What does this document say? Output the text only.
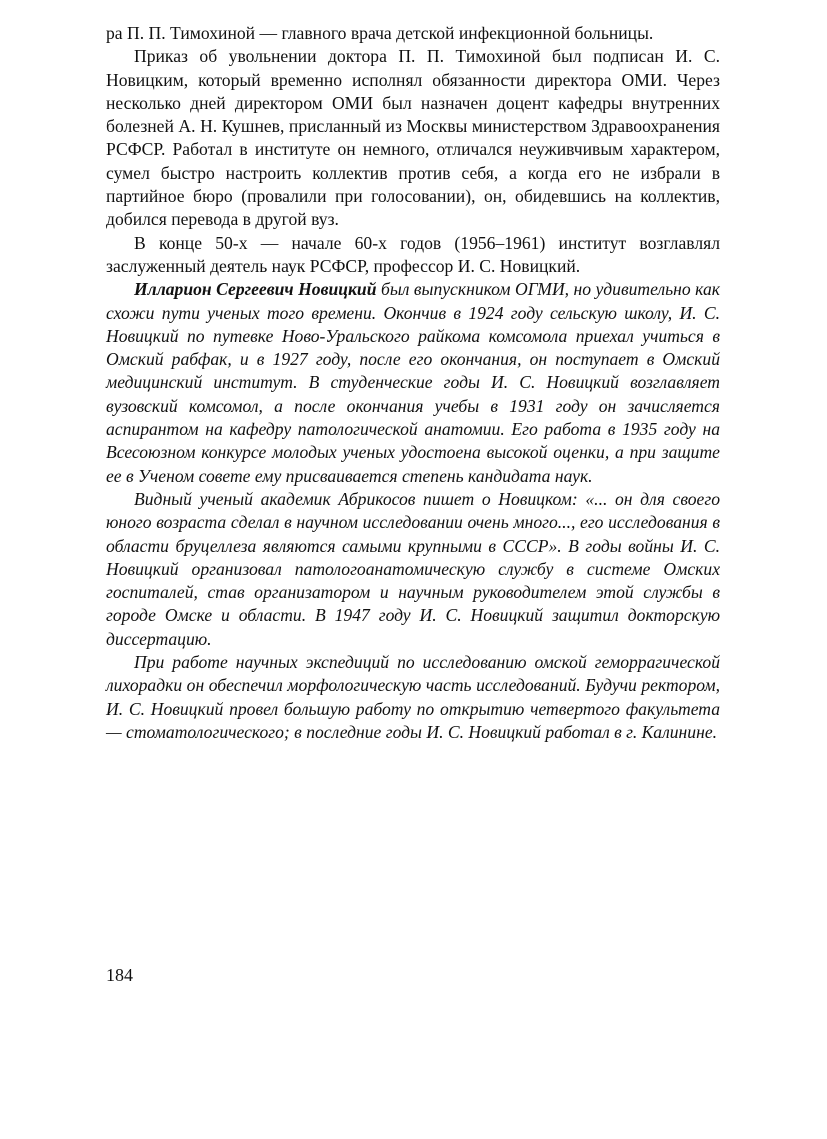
ра П. П. Тимохиной — главного врача детской инфекционной больницы.

Приказ об увольнении доктора П. П. Тимохиной был подписан И. С. Новицким, который временно исполнял обязанности директора ОМИ. Через несколько дней директором ОМИ был назначен доцент кафедры внутренних болезней А. Н. Кушнев, присланный из Москвы министерством Здравоохранения РСФСР. Работал в институте он немного, отличался неуживчивым характером, сумел быстро настроить коллектив против себя, а когда его не избрали в партийное бюро (провалили при голосовании), он, обидевшись на коллектив, добился перевода в другой вуз.

В конце 50-х — начале 60-х годов (1956–1961) институт возглавлял заслуженный деятель наук РСФСР, профессор И. С. Новицкий.

Илларион Сергеевич Новицкий был выпускником ОГМИ, но удивительно как схожи пути ученых того времени. Окончив в 1924 году сельскую школу, И. С. Новицкий по путевке Ново-Уральского райкома комсомола приехал учиться в Омский рабфак, и в 1927 году, после его окончания, он поступает в Омский медицинский институт. В студенческие годы И. С. Новицкий возглавляет вузовский комсомол, а после окончания учебы в 1931 году он зачисляется аспирантом на кафедру патологической анатомии. Его работа в 1935 году на Всесоюзном конкурсе молодых ученых удостоена высокой оценки, а при защите ее в Ученом совете ему присваивается степень кандидата наук.

Видный ученый академик Абрикосов пишет о Новицком: «... он для своего юного возраста сделал в научном исследовании очень много..., его исследования в области бруцеллеза являются самыми крупными в СССР». В годы войны И. С. Новицкий организовал патологоанатомическую службу в системе Омских госпиталей, став организатором и научным руководителем этой службы в городе Омске и области. В 1947 году И. С. Новицкий защитил докторскую диссертацию.

При работе научных экспедиций по исследованию омской геморрагической лихорадки он обеспечил морфологическую часть исследований. Будучи ректором, И. С. Новицкий провел большую работу по открытию четвертого факультета — стоматологического; в последние годы И. С. Новицкий работал в г. Калинине.

184
